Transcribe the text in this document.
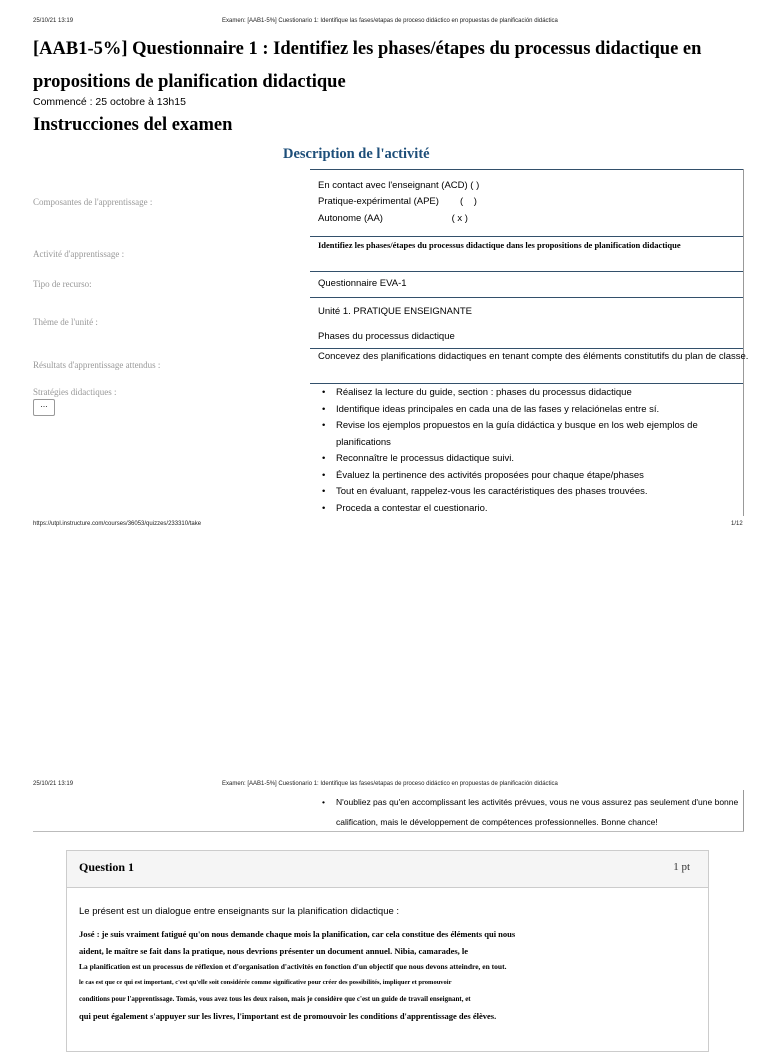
25/10/21 13:19	Examen: [AAB1-5%] Cuestionario 1: Identifique las fases/etapas de proceso didáctico en propuestas de planificación didáctica
[AAB1-5%] Questionnaire 1 : Identifiez les phases/étapes du processus didactique en propositions de planification didactique
Commencé : 25 octobre à 13h15
Instrucciones del examen
Description de l'activité
Composantes de l'apprentissage :
En contact avec l'enseignant (ACD) ( )
Pratique-expérimental (APE)        (    )
Autonome (AA)                          ( x )
Activité d'apprentissage :
Identifiez les phases/étapes du processus didactique dans les propositions de planification didactique
Tipo de recurso:	Questionnaire EVA-1
Thème de l'unité :
Unité 1. PRATIQUE ENSEIGNANTE
Phases du processus didactique
Résultats d'apprentissage attendus :
Concevez des planifications didactiques en tenant compte des éléments constitutifs du plan de classe.
Stratégies didactiques :
⋯
• Réalisez la lecture du guide, section : phases du processus didactique
• Identifique ideas principales en cada una de las fases y relaciónelas entre sí.
• Revise los ejemplos propuestos en la guía didáctica y busque en los web ejemplos de planifications
• Reconnaître le processus didactique suivi.
• Évaluez la pertinence des activités proposées pour chaque étape/phases
• Tout en évaluant, rappelez-vous les caractéristiques des phases trouvées.
• Proceda a contestar el cuestionario.
https://utpl.instructure.com/courses/36053/quizzes/233310/take	1/12
25/10/21 13:19	Examen: [AAB1-5%] Cuestionario 1: Identifique las fases/etapas de proceso didáctico en propuestas de planificación didáctica
• N'oubliez pas qu'en accomplissant les activités prévues, vous ne vous assurez pas seulement d'une bonne calification, mais le développement de compétences professionnelles. Bonne chance!
Question 1	1 pt
Le présent est un dialogue entre enseignants sur la planification didactique :
José : je suis vraiment fatigué qu'on nous demande chaque mois la planification, car cela constitue des éléments qui nous
aident, le maître se fait dans la pratique, nous devrions présenter un document annuel. Nibia, camarades, le
La planification est un processus de réflexion et d'organisation d'activités en fonction d'un objectif que nous devons atteindre, en tout.
le cas est que ce qui est important, c'est qu'elle soit considérée comme significative pour créer des possibilités, impliquer et promouvoir
conditions pour l'apprentissage. Tomás, vous avez tous les deux raison, mais je considère que c'est un guide de travail enseignant, et
qui peut également s'appuyer sur les livres, l'important est de promouvoir les conditions d'apprentissage des élèves.
